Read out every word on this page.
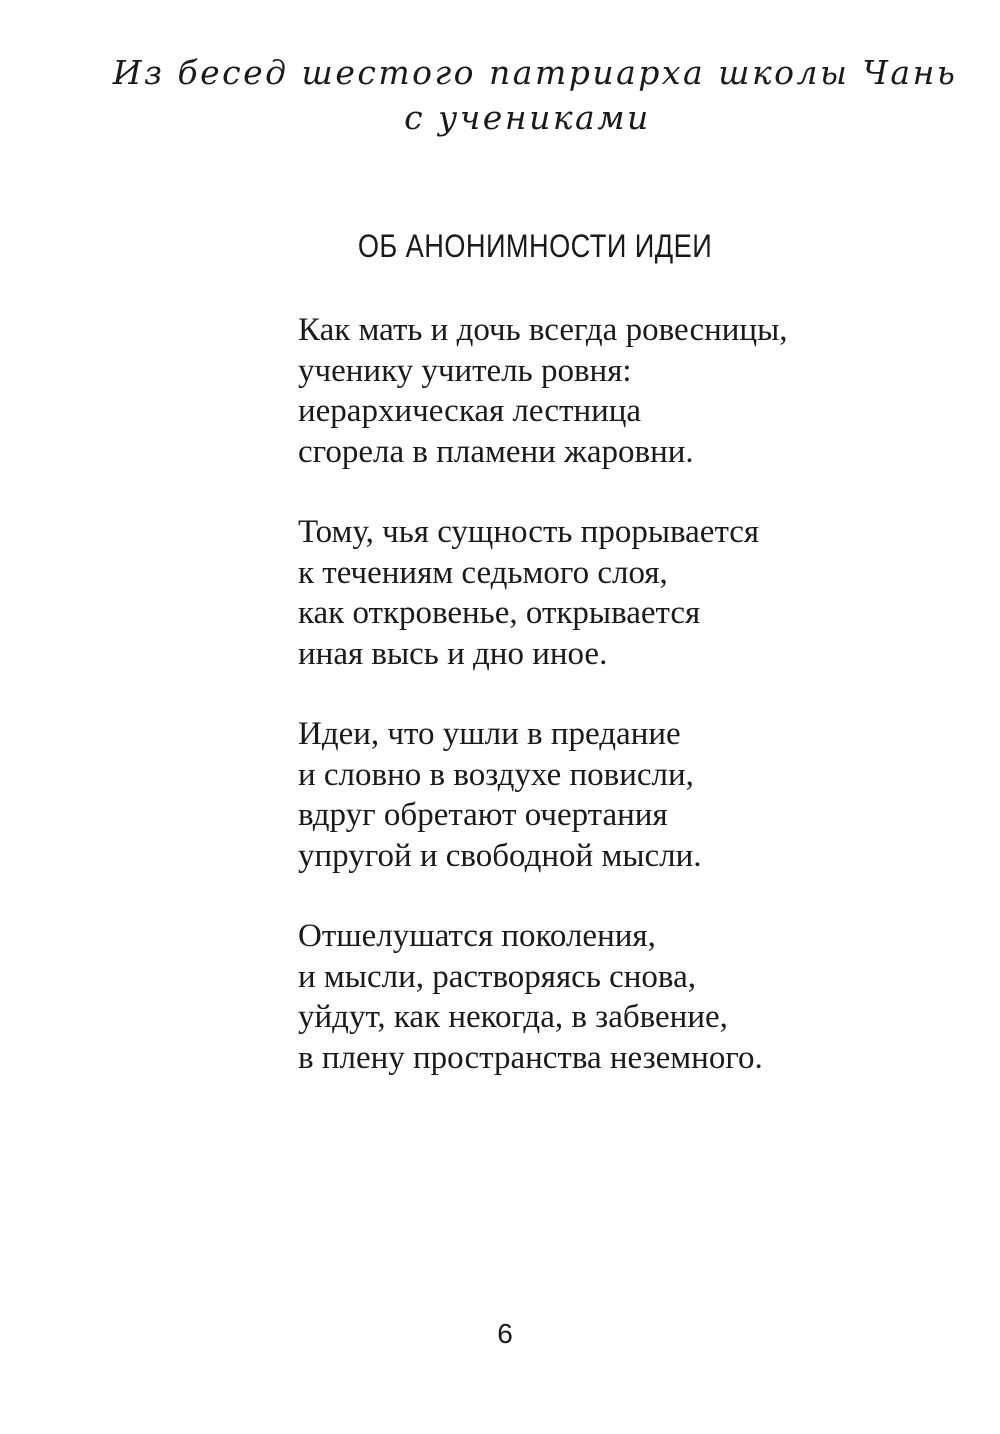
Из бесед шестого патриарха школы Чань
с учениками
ОБ АНОНИМНОСТИ ИДЕИ
Как мать и дочь всегда ровесницы,
ученику учитель ровня:
иерархическая лестница
сгорела в пламени жаровни.
Тому, чья сущность прорывается
к течениям седьмого слоя,
как откровенье, открывается
иная высь и дно иное.
Идеи, что ушли в предание
и словно в воздухе повисли,
вдруг обретают очертания
упругой и свободной мысли.
Отшелушатся поколения,
и мысли, растворяясь снова,
уйдут, как некогда, в забвение,
в плену пространства неземного.
6
